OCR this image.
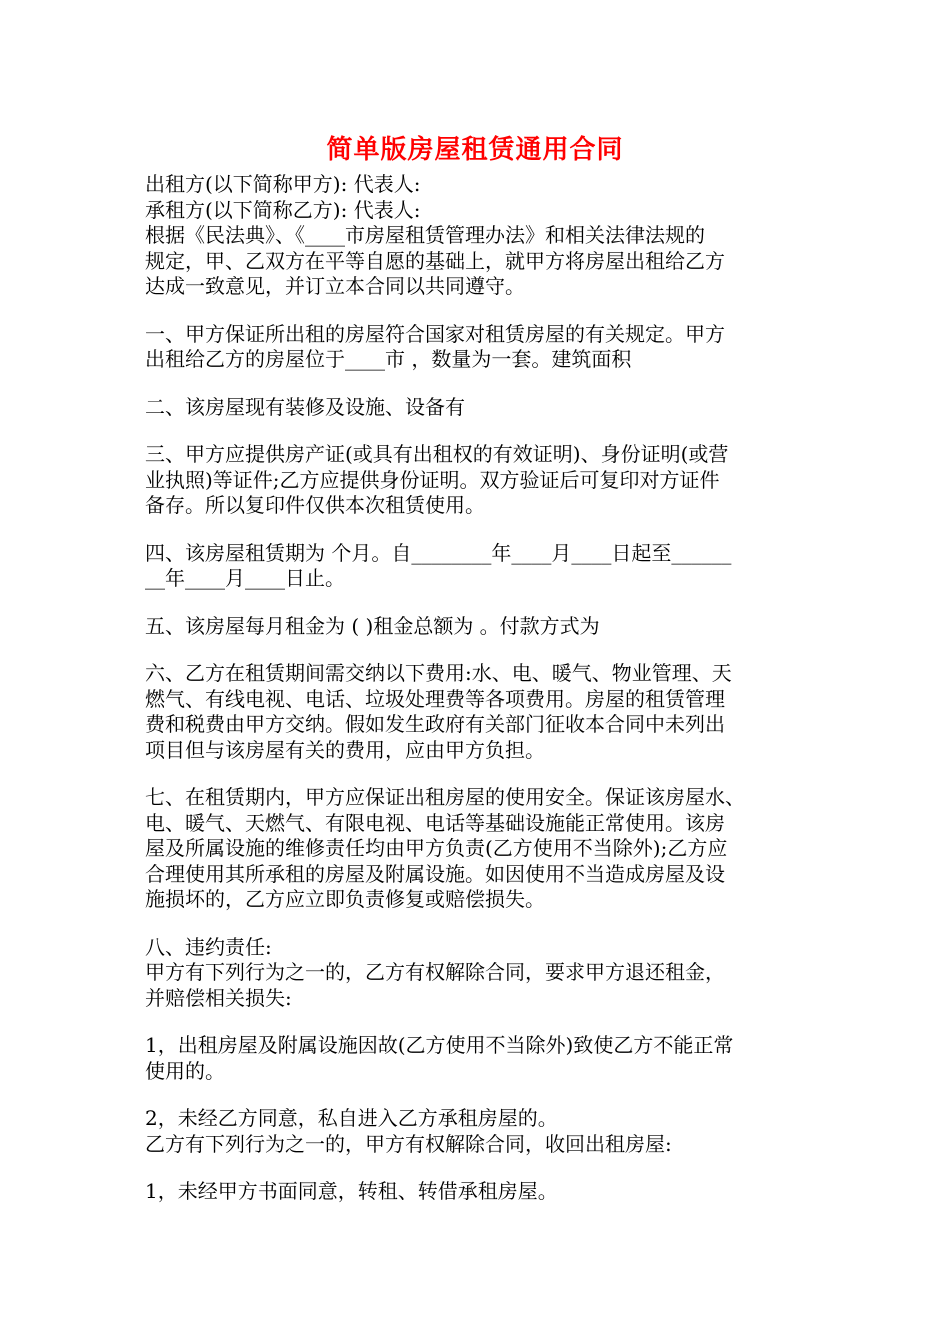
简单版房屋租赁通用合同
出租方(以下简称甲方): 代表人:
承租方(以下简称乙方): 代表人:
根据《民法典》、《____市房屋租赁管理办法》和相关法律法规的
规定，甲、乙双方在平等自愿的基础上，就甲方将房屋出租给乙方
达成一致意见，并订立本合同以共同遵守。
一、甲方保证所出租的房屋符合国家对租赁房屋的有关规定。甲方
出租给乙方的房屋位于____市 ，数量为一套。建筑面积
二、该房屋现有装修及设施、设备有
三、甲方应提供房产证(或具有出租权的有效证明)、身份证明(或营
业执照)等证件;乙方应提供身份证明。双方验证后可复印对方证件
备存。所以复印件仅供本次租赁使用。
四、该房屋租赁期为 个月。自________年____月____日起至______
__年____月____日止。
五、该房屋每月租金为 ( )租金总额为 。付款方式为
六、乙方在租赁期间需交纳以下费用:水、电、暖气、物业管理、天
燃气、有线电视、电话、垃圾处理费等各项费用。房屋的租赁管理
费和税费由甲方交纳。假如发生政府有关部门征收本合同中未列出
项目但与该房屋有关的费用，应由甲方负担。
七、在租赁期内，甲方应保证出租房屋的使用安全。保证该房屋水、
电、暖气、天燃气、有限电视、电话等基础设施能正常使用。该房
屋及所属设施的维修责任均由甲方负责(乙方使用不当除外);乙方应
合理使用其所承租的房屋及附属设施。如因使用不当造成房屋及设
施损坏的，乙方应立即负责修复或赔偿损失。
八、违约责任:
甲方有下列行为之一的，乙方有权解除合同，要求甲方退还租金，
并赔偿相关损失:
1，出租房屋及附属设施因故(乙方使用不当除外)致使乙方不能正常
使用的。
2，未经乙方同意，私自进入乙方承租房屋的。
乙方有下列行为之一的，甲方有权解除合同，收回出租房屋:
1，未经甲方书面同意，转租、转借承租房屋。
